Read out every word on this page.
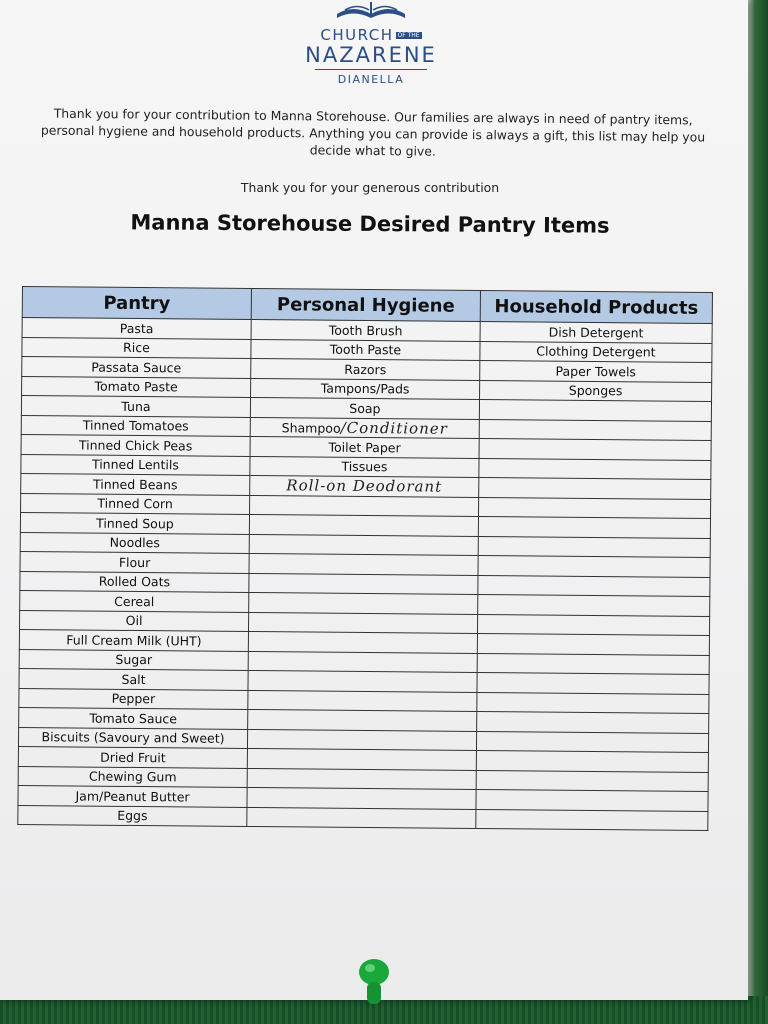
CHURCH OF THE
NAZARENE
DIANELLA
Thank you for your contribution to Manna Storehouse. Our families are always in need of pantry items, personal hygiene and household products. Anything you can provide is always a gift, this list may help you decide what to give.
Thank you for your generous contribution
Manna Storehouse Desired Pantry Items
Pantry	Personal Hygiene	Household Products
Pasta	Tooth Brush	Dish Detergent
Rice	Tooth Paste	Clothing Detergent
Passata Sauce	Razors	Paper Towels
Tomato Paste	Tampons/Pads	Sponges
Tuna	Soap	
Tinned Tomatoes	Shampoo/Conditioner	
Tinned Chick Peas	Toilet Paper	
Tinned Lentils	Tissues	
Tinned Beans	Roll-on Deodorant	
Tinned Corn		
Tinned Soup		
Noodles		
Flour		
Rolled Oats		
Cereal		
Oil		
Full Cream Milk (UHT)		
Sugar		
Salt		
Pepper		
Tomato Sauce		
Biscuits (Savoury and Sweet)		
Dried Fruit		
Chewing Gum		
Jam/Peanut Butter		
Eggs		
